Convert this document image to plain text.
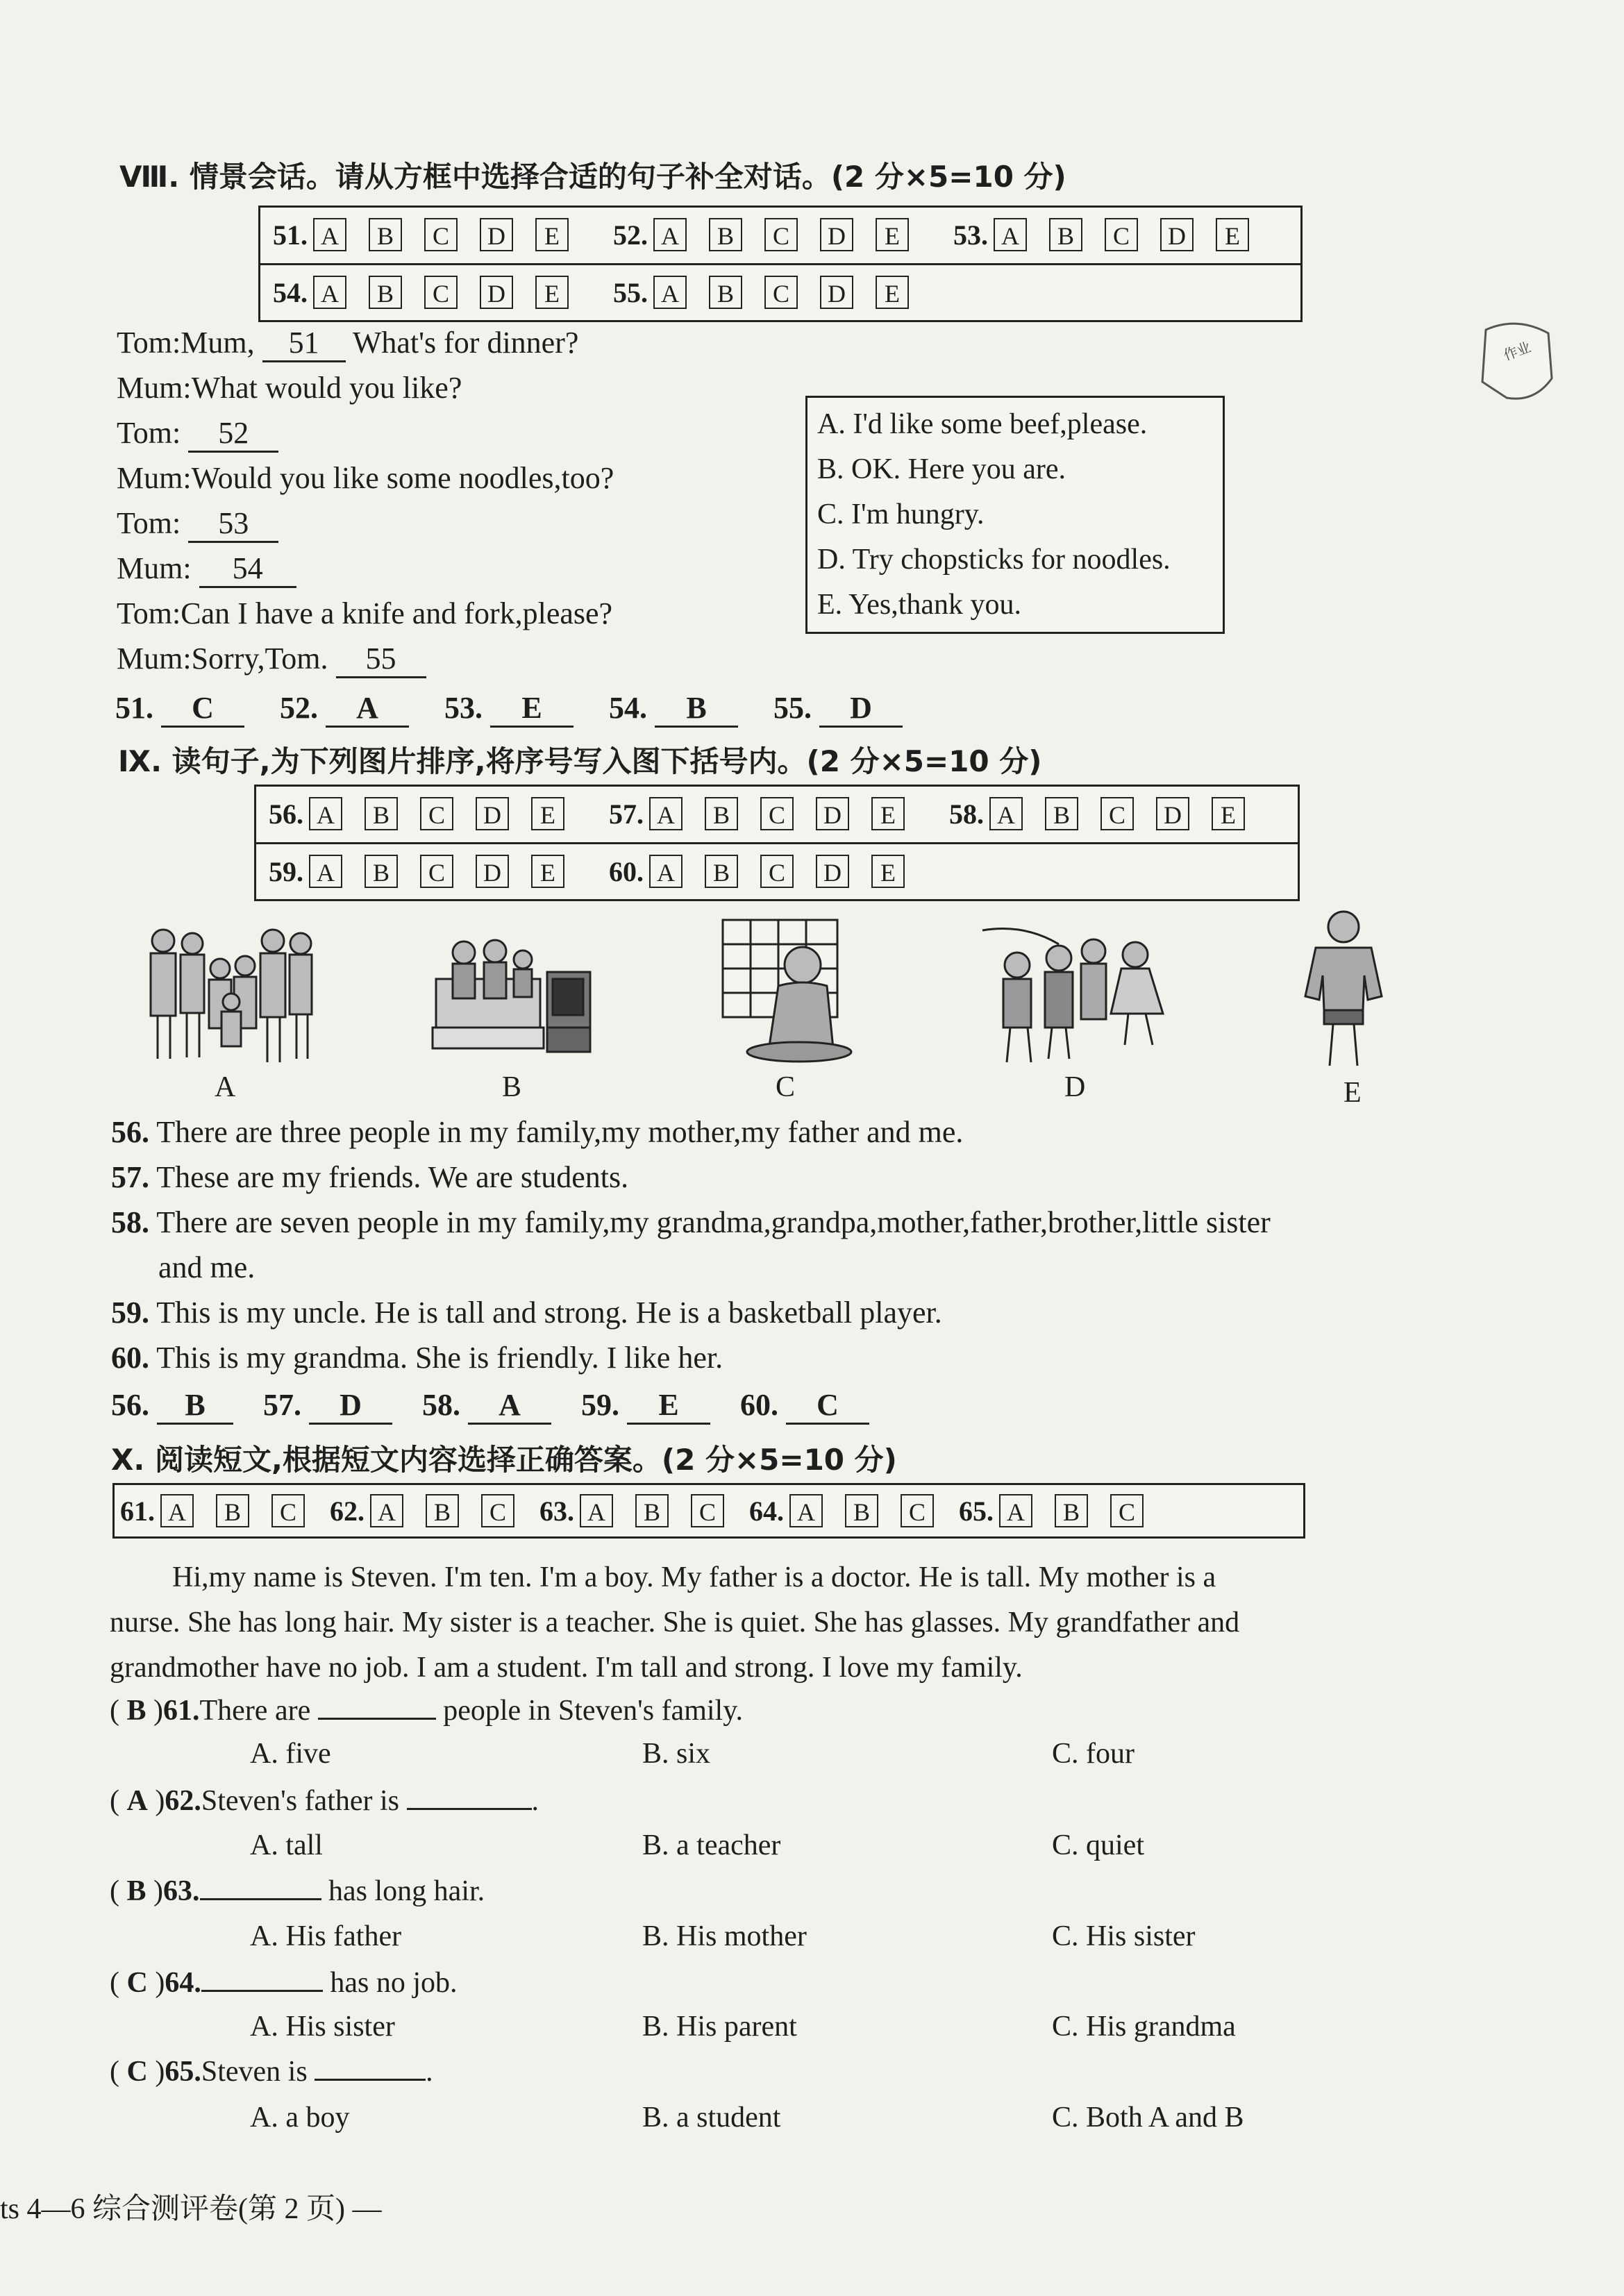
Ⅷ. 情景会话。请从方框中选择合适的句子补全对话。(2 分×5=10 分)
51. A	B	C	D	E	52. A	B	C	D	E	53. A	B	C	D	E
54. A	B	C	D	E	55. A	B	C	D	E
Tom:Mum, 51 What's for dinner?
Mum:What would you like?
Tom: 52
Mum:Would you like some noodles,too?
Tom: 53
Mum: 54
Tom:Can I have a knife and fork,please?
Mum:Sorry,Tom. 55
A. I'd like some beef,please.
B. OK. Here you are.
C. I'm hungry.
D. Try chopsticks for noodles.
E. Yes,thank you.
51. C 52. A 53. E 54. B 55. D
Ⅸ. 读句子,为下列图片排序,将序号写入图下括号内。(2 分×5=10 分)
56. A	B	C	D	E	57. A	B	C	D	E	58. A	B	C	D	E
59. A	B	C	D	E	60. A	B	C	D	E
A	B	C	D	E
56. There are three people in my family,my mother,my father and me.
57. These are my friends. We are students.
58. There are seven people in my family,my grandma,grandpa,mother,father,brother,little sister
and me.
59. This is my uncle. He is tall and strong. He is a basketball player.
60. This is my grandma. She is friendly. I like her.
56. B 57. D 58. A 59. E 60. C
Ⅹ. 阅读短文,根据短文内容选择正确答案。(2 分×5=10 分)
61. A	B	C	62. A	B	C	63. A	B	C	64. A	B	C	65. A	B	C
Hi,my name is Steven. I'm ten. I'm a boy. My father is a doctor. He is tall. My mother is a
nurse. She has long hair. My sister is a teacher. She is quiet. She has glasses. My grandfather and
grandmother have no job. I am a student. I'm tall and strong. I love my family.
( B )61.There are	people in Steven's family.
A. five	B. six	C. four
( A )62.Steven's father is	.
A. tall	B. a teacher	C. quiet
( B )63.	has long hair.
A. His father	B. His mother	C. His sister
( C )64.	has no job.
A. His sister	B. His parent	C. His grandma
( C )65.Steven is	.
A. a boy	B. a student	C. Both A and B
ts 4—6 综合测评卷(第 2 页) —
作业
